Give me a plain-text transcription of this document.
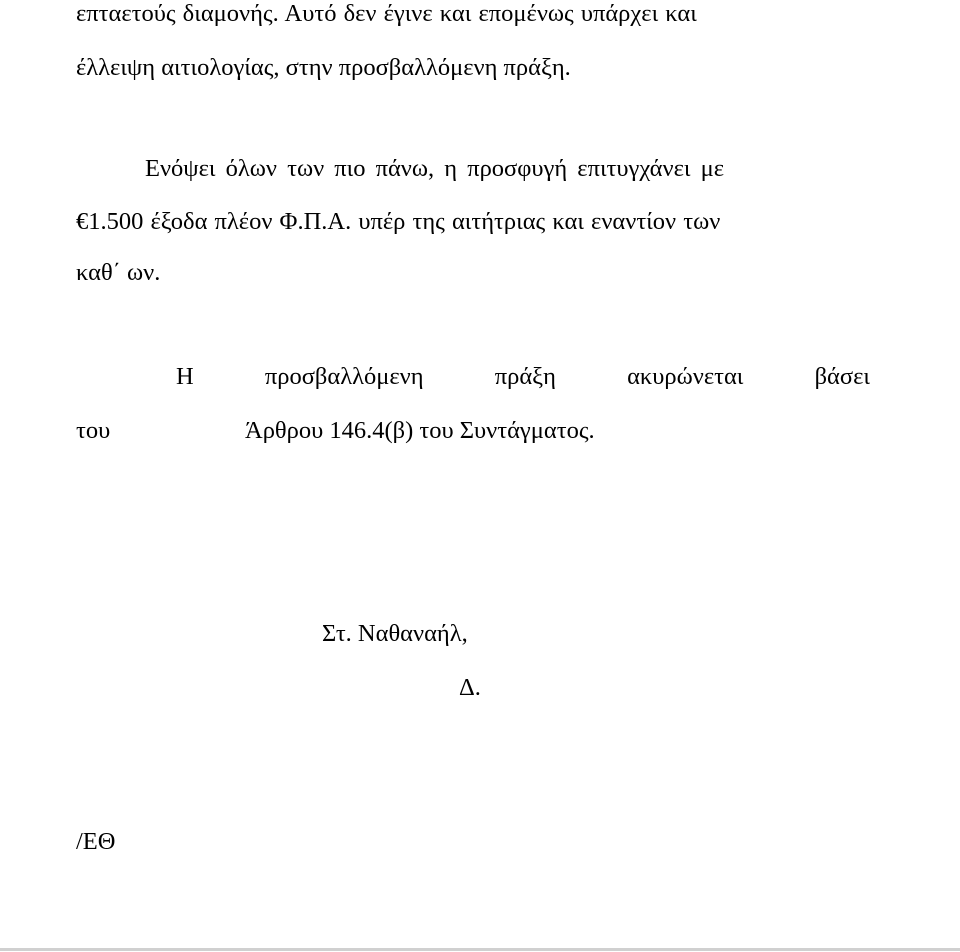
επταετούς διαμονής. Αυτό δεν έγινε και επομένως υπάρχει και
έλλειψη αιτιολογίας, στην προσβαλλόμενη πράξη.
Ενόψει όλων των πιο πάνω, η προσφυγή επιτυγχάνει με
€1.500 έξοδα πλέον Φ.Π.Α. υπέρ της αιτήτριας και εναντίον των
καθ΄ ων.
Η	προσβαλλόμενη	πράξη	ακυρώνεται	βάσει
του	Άρθρου 146.4(β) του Συντάγματος.
Στ. Ναθαναήλ,
Δ.
/ΕΘ
